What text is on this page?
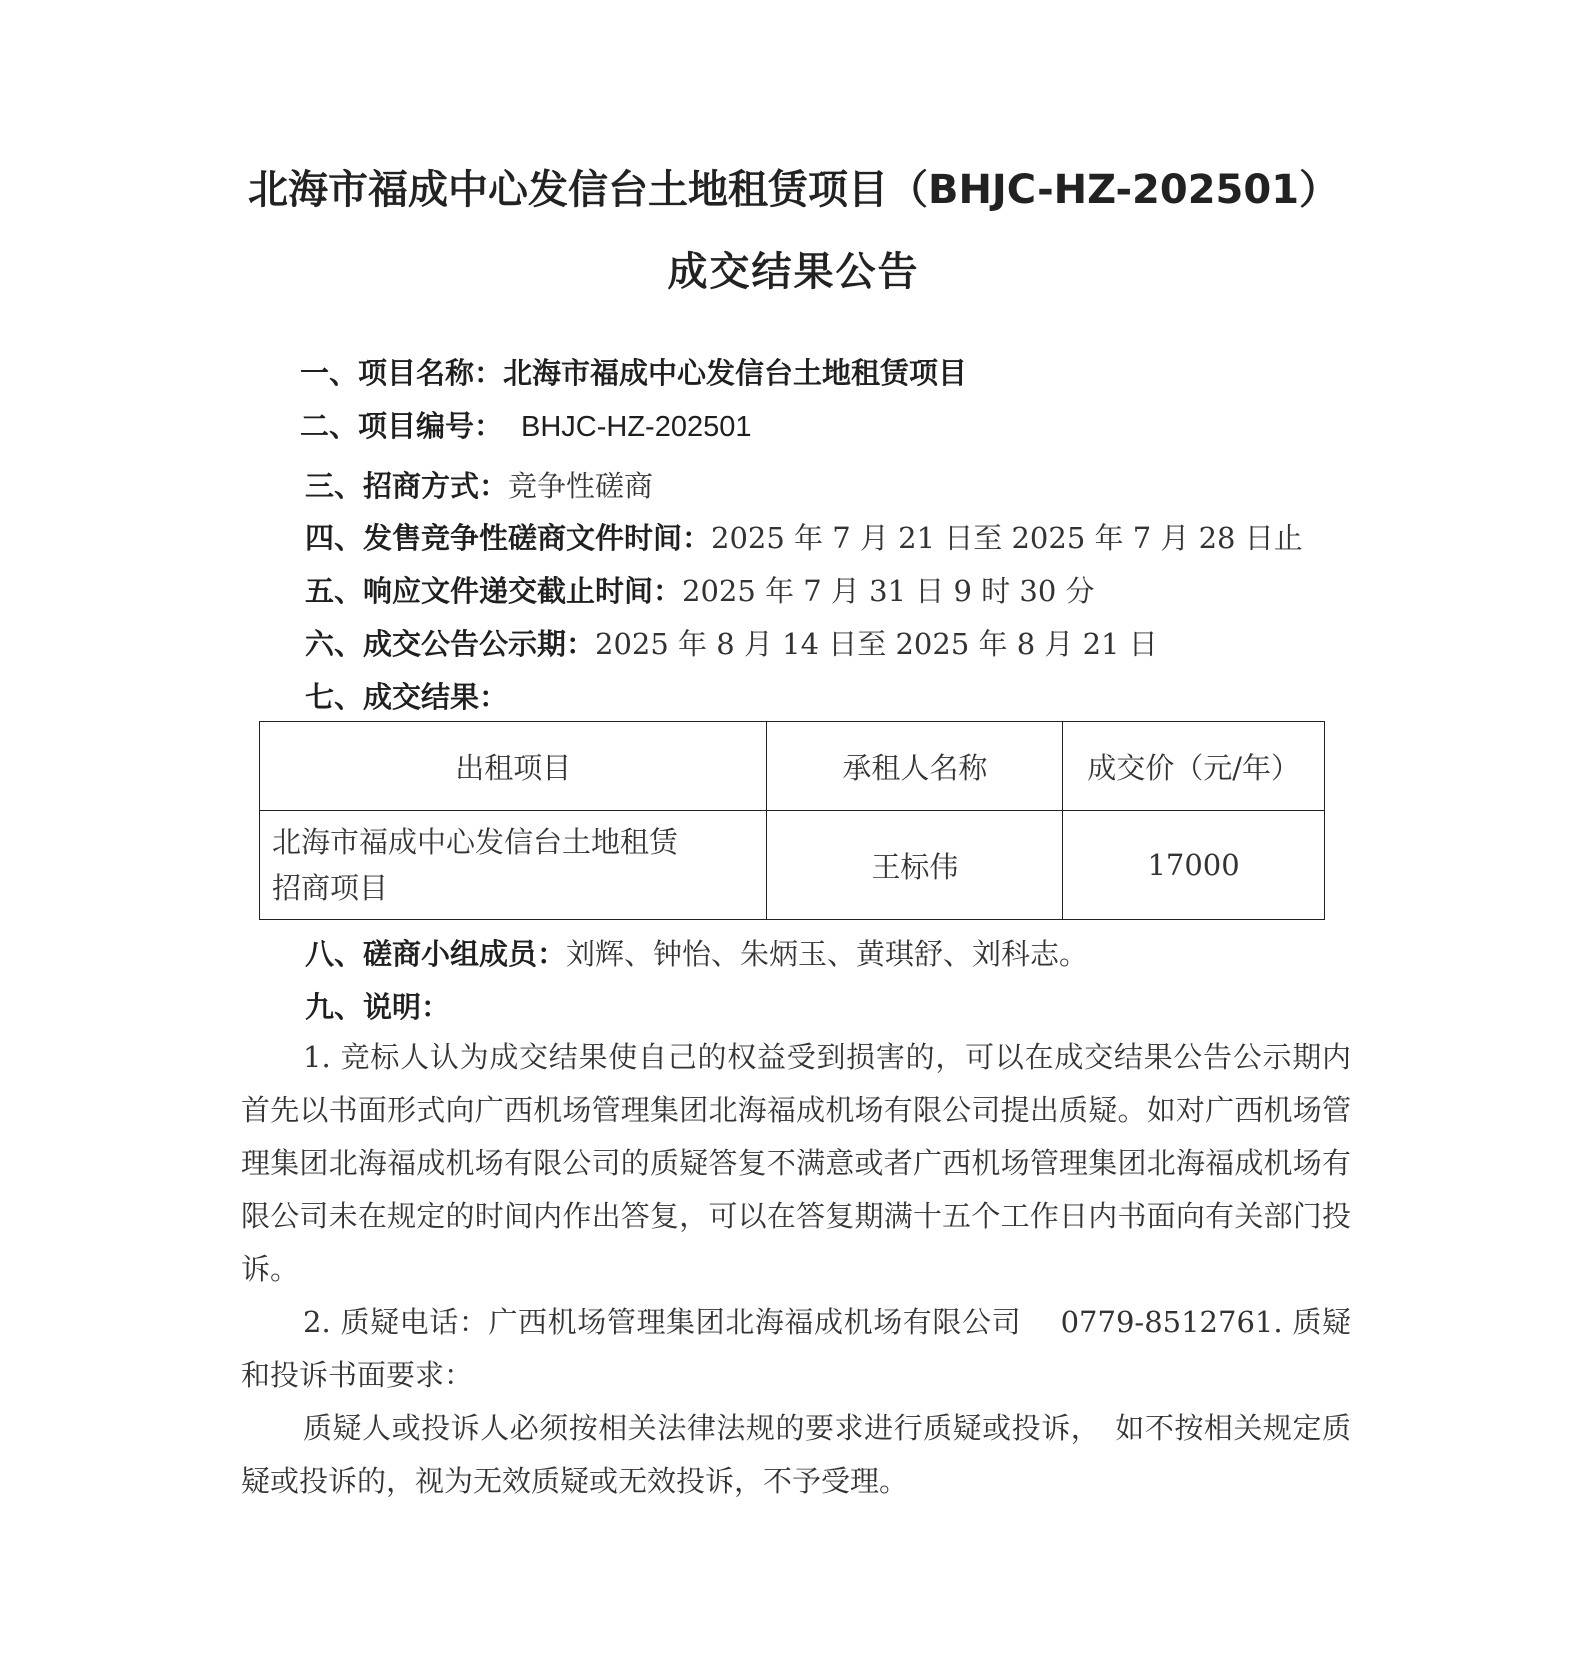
北海市福成中心发信台土地租赁项目（BHJC-HZ-202501）
成交结果公告
一、项目名称：北海市福成中心发信台土地租赁项目
二、项目编号： BHJC-HZ-202501
三、招商方式：竞争性磋商
四、发售竞争性磋商文件时间：2025 年 7 月 21 日至 2025 年 7 月 28 日止
五、响应文件递交截止时间：2025 年 7 月 31 日 9 时 30 分
六、成交公告公示期：2025 年 8 月 14 日至 2025 年 8 月 21 日
七、成交结果：
出租项目	承租人名称	成交价（元/年）

北海市福成中心发信台土地租赁
招商项目	王标伟	17000
八、磋商小组成员：刘辉、钟怡、朱炳玉、黄琪舒、刘科志。
九、说明：
1. 竞标人认为成交结果使自己的权益受到损害的，可以在成交结果公告公示期内首先以书面形式向广西机场管理集团北海福成机场有限公司提出质疑。如对广西机场管理集团北海福成机场有限公司的质疑答复不满意或者广西机场管理集团北海福成机场有限公司未在规定的时间内作出答复，可以在答复期满十五个工作日内书面向有关部门投诉。
2. 质疑电话：广西机场管理集团北海福成机场有限公司　 0779-8512761. 质疑和投诉书面要求：
质疑人或投诉人必须按相关法律法规的要求进行质疑或投诉，　如不按相关规定质疑或投诉的，视为无效质疑或无效投诉，不予受理。
